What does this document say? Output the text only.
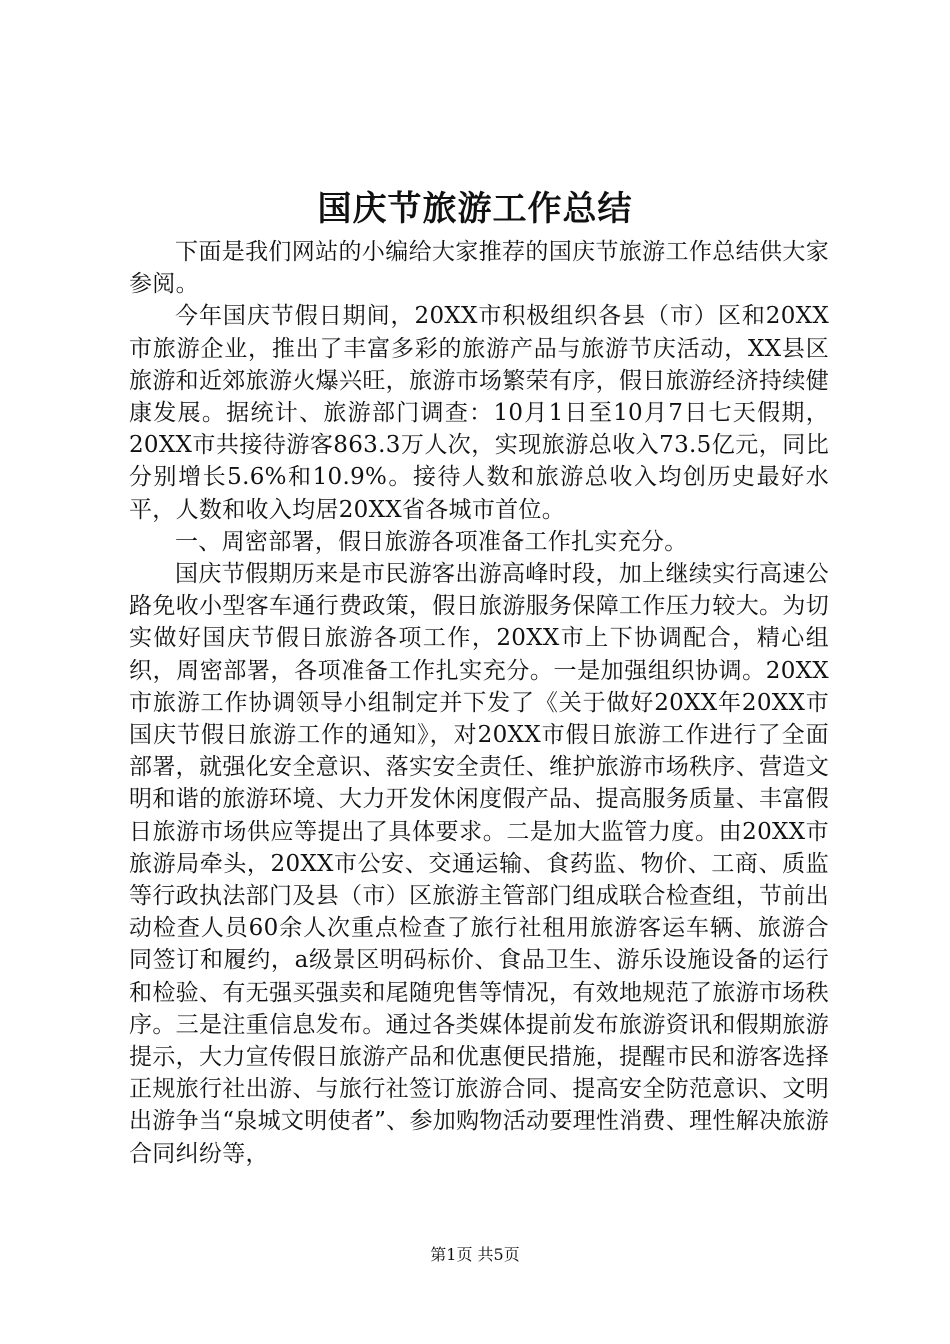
国庆节旅游工作总结

下面是我们网站的小编给大家推荐的国庆节旅游工作总结供大家参阅。

今年国庆节假日期间，20XX市积极组织各县（市）区和20XX市旅游企业，推出了丰富多彩的旅游产品与旅游节庆活动，XX县区旅游和近郊旅游火爆兴旺，旅游市场繁荣有序，假日旅游经济持续健康发展。据统计、旅游部门调查：10月1日至10月7日七天假期，20XX市共接待游客863.3万人次，实现旅游总收入73.5亿元，同比分别增长5.6%和10.9%。接待人数和旅游总收入均创历史最好水平，人数和收入均居20XX省各城市首位。

一、周密部署，假日旅游各项准备工作扎实充分。

国庆节假期历来是市民游客出游高峰时段，加上继续实行高速公路免收小型客车通行费政策，假日旅游服务保障工作压力较大。为切实做好国庆节假日旅游各项工作，20XX市上下协调配合，精心组织，周密部署，各项准备工作扎实充分。一是加强组织协调。20XX市旅游工作协调领导小组制定并下发了《关于做好20XX年20XX市国庆节假日旅游工作的通知》，对20XX市假日旅游工作进行了全面部署，就强化安全意识、落实安全责任、维护旅游市场秩序、营造文明和谐的旅游环境、大力开发休闲度假产品、提高服务质量、丰富假日旅游市场供应等提出了具体要求。二是加大监管力度。由20XX市旅游局牵头，20XX市公安、交通运输、食药监、物价、工商、质监等行政执法部门及县（市）区旅游主管部门组成联合检查组，节前出动检查人员60余人次重点检查了旅行社租用旅游客运车辆、旅游合同签订和履约，a级景区明码标价、食品卫生、游乐设施设备的运行和检验、有无强买强卖和尾随兜售等情况，有效地规范了旅游市场秩序。三是注重信息发布。通过各类媒体提前发布旅游资讯和假期旅游提示，大力宣传假日旅游产品和优惠便民措施，提醒市民和游客选择正规旅行社出游、与旅行社签订旅游合同、提高安全防范意识、文明出游争当“泉城文明使者”、参加购物活动要理性消费、理性解决旅游合同纠纷等，

第1页 共5页
